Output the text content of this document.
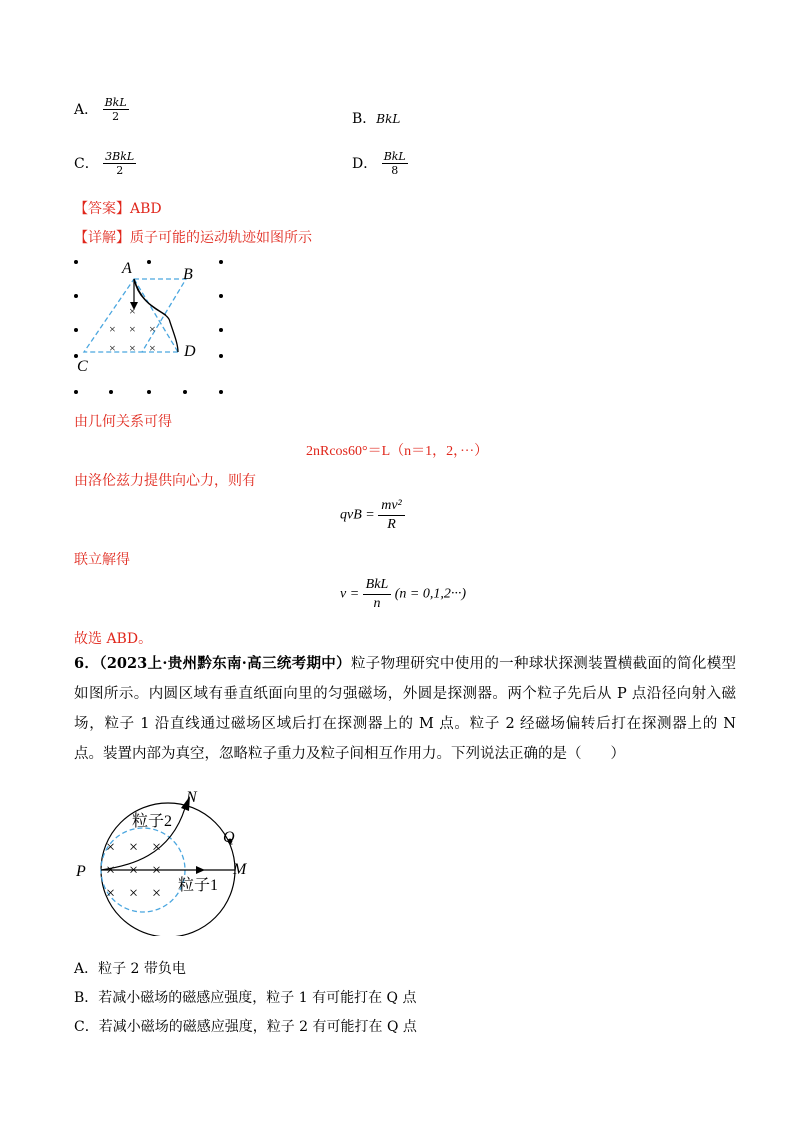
A． $\frac{\text{BkL}}{2}$	B．BkL
C． $\frac{\text{3BkL}}{2}$	D． $\frac{\text{BkL}}{8}$
【答案】ABD
【详解】质子可能的运动轨迹如图所示
×
× × ×
× × ×
A	B
C
D
由几何关系可得
2nRcos60°＝L（n＝1，2，···）
由洛伦兹力提供向心力，则有
qvB = $\frac{\text{mv²}}{R}$
联立解得
$v = \frac{\text{BkL}}{n} (n = 0,1,2\cdot\cdot\cdot)$
故选 ABD。
6．（2023上·贵州黔东南·高三统考期中）粒子物理研究中使用的一种球状探测装置横截面的简化模型如图所示。内圆区域有垂直纸面向里的匀强磁场，外圆是探测器。两个粒子先后从 P 点沿径向射入磁场，粒子 1 沿直线通过磁场区域后打在探测器上的 M 点。粒子 2 经磁场偏转后打在探测器上的 N 点。装置内部为真空，忽略粒子重力及粒子间相互作用力。下列说法正确的是（　　）
× × ×
× × ×
× × ×
N
Q
P	M
粒子2
粒子1
A．粒子 2 带负电
B．若减小磁场的磁感应强度，粒子 1 有可能打在 Q 点
C．若减小磁场的磁感应强度，粒子 2 有可能打在 Q 点
